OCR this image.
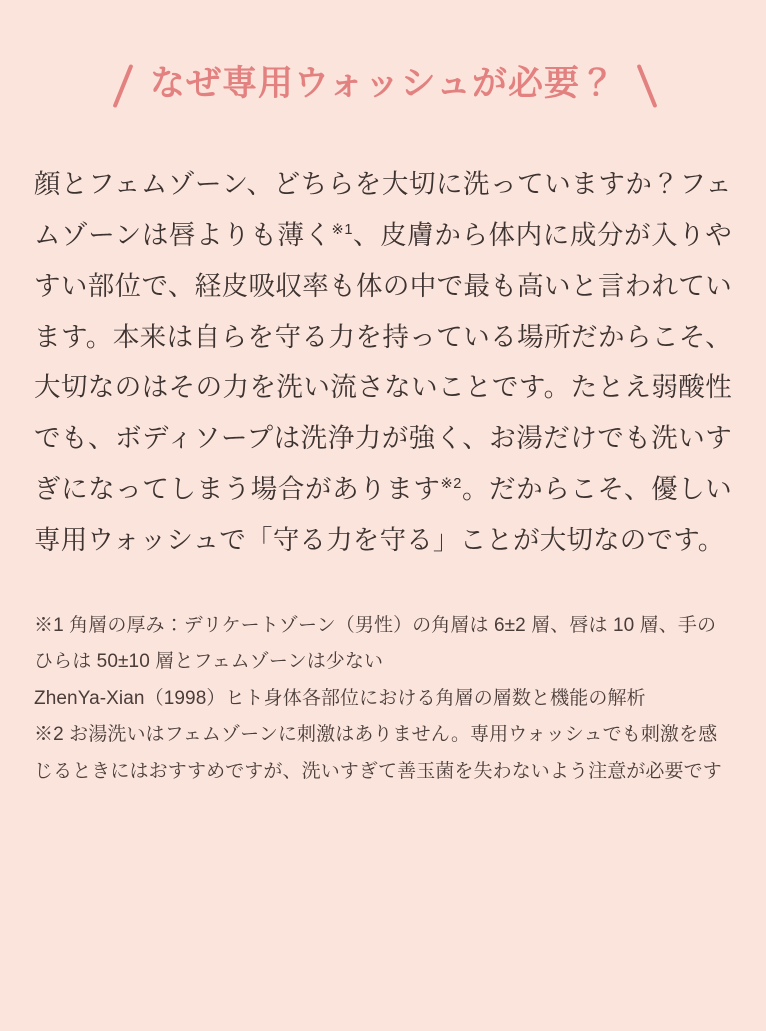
なぜ専用ウォッシュが必要？
顔とフェムゾーン、どちらを大切に洗っていますか？フェムゾーンは唇よりも薄く$^{※1}$、皮膚から体内に成分が入りやすい部位で、経皮吸収率も体の中で最も高いと言われています。本来は自らを守る力を持っている場所だからこそ、大切なのはその力を洗い流さないことです。たとえ弱酸性でも、ボディソープは洗浄力が強く、お湯だけでも洗いすぎになってしまう場合があります$^{※2}$。だからこそ、優しい専用ウォッシュで「守る力を守る」ことが大切なのです。

※1 角層の厚み：デリケートゾーン（男性）の角層は 6±2 層、唇は 10 層、手のひらは 50±10 層とフェムゾーンは少ない

ZhenYa-Xian（1998）ヒト身体各部位における角層の層数と機能の解析

※2 お湯洗いはフェムゾーンに刺激はありません。専用ウォッシュでも刺激を感じるときにはおすすめですが、洗いすぎて善玉菌を失わないよう注意が必要です
